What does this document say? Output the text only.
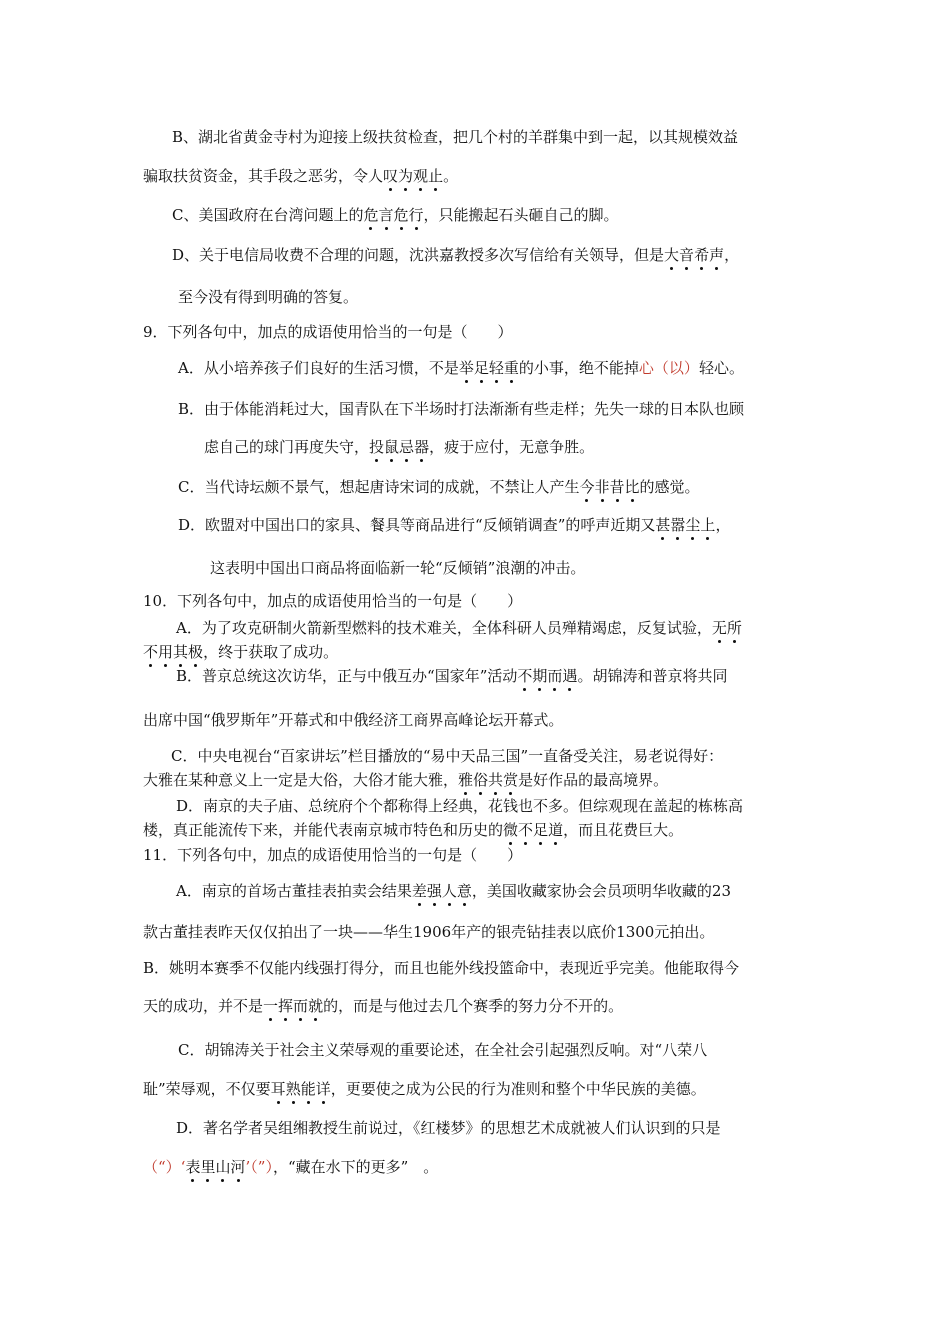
B、湖北省黄金寺村为迎接上级扶贫检查，把几个村的羊群集中到一起，以其规模效益
骗取扶贫资金，其手段之恶劣，令人叹为观止。
C、美国政府在台湾问题上的危言危行，只能搬起石头砸自己的脚。
D、关于电信局收费不合理的问题，沈洪嘉教授多次写信给有关领导，但是大音希声，
至今没有得到明确的答复。
9．下列各句中，加点的成语使用恰当的一句是（　　）
A．从小培养孩子们良好的生活习惯，不是举足轻重的小事，绝不能掉心（以）轻心。
B．由于体能消耗过大，国青队在下半场时打法渐渐有些走样；先失一球的日本队也顾
虑自己的球门再度失守，投鼠忌器，疲于应付，无意争胜。
C．当代诗坛颇不景气，想起唐诗宋词的成就，不禁让人产生今非昔比的感觉。
D．欧盟对中国出口的家具、餐具等商品进行“反倾销调查”的呼声近期又甚嚣尘上，
这表明中国出口商品将面临新一轮“反倾销”浪潮的冲击。
10．下列各句中，加点的成语使用恰当的一句是（　　）
A．为了攻克研制火箭新型燃料的技术难关，全体科研人员殚精竭虑，反复试验，无所
不用其极，终于获取了成功。
B．普京总统这次访华，正与中俄互办“国家年”活动不期而遇。胡锦涛和普京将共同
出席中国“俄罗斯年”开幕式和中俄经济工商界高峰论坛开幕式。
C．中央电视台“百家讲坛”栏目播放的“易中天品三国”一直备受关注，易老说得好：
大雅在某种意义上一定是大俗，大俗才能大雅，雅俗共赏是好作品的最高境界。
D．南京的夫子庙、总统府个个都称得上经典，花钱也不多。但综观现在盖起的栋栋高
楼，真正能流传下来，并能代表南京城市特色和历史的微不足道，而且花费巨大。
11．下列各句中，加点的成语使用恰当的一句是（　　）
A．南京的首场古董挂表拍卖会结果差强人意，美国收藏家协会会员项明华收藏的23
款古董挂表昨天仅仅拍出了一块——华生1906年产的银壳钻挂表以底价1300元拍出。
B．姚明本赛季不仅能内线强打得分，而且也能外线投篮命中，表现近乎完美。他能取得今
天的成功，并不是一挥而就的，而是与他过去几个赛季的努力分不开的。
C．胡锦涛关于社会主义荣辱观的重要论述，在全社会引起强烈反响。对“八荣八
耻”荣辱观，不仅要耳熟能详，更要使之成为公民的行为准则和整个中华民族的美德。
D．著名学者吴组缃教授生前说过，《红楼梦》的思想艺术成就被人们认识到的只是
（“）‘表里山河’（”），“藏在水下的更多”　。
